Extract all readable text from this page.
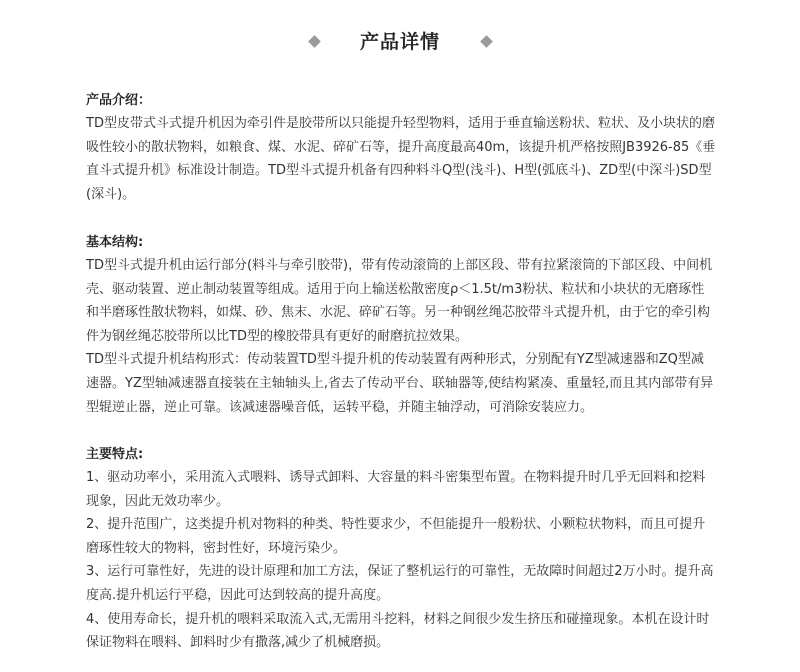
产品详情

产品介绍：

TD型皮带式斗式提升机因为牵引件是胶带所以只能提升轻型物料，适用于垂直输送粉状、粒状、及小块状的磨吸性较小的散状物料，如粮食、煤、水泥、碎矿石等，提升高度最高40m，该提升机严格按照JB3926-85《垂直斗式提升机》标准设计制造。TD型斗式提升机备有四种料斗Q型(浅斗)、H型(弧底斗)、ZD型(中深斗)SD型(深斗)。

基本结构:

TD型斗式提升机由运行部分(料斗与牵引胶带)，带有传动滚筒的上部区段、带有拉紧滚筒的下部区段、中间机壳、驱动装置、逆止制动装置等组成。适用于向上输送松散密度ρ＜1.5t/m3粉状、粒状和小块状的无磨琢性和半磨琢性散状物料，如煤、砂、焦末、水泥、碎矿石等。另一种钢丝绳芯胶带斗式提升机，由于它的牵引构件为钢丝绳芯胶带所以比TD型的橡胶带具有更好的耐磨抗拉效果。

TD型斗式提升机结构形式：传动装置TD型斗提升机的传动装置有两种形式，分别配有YZ型减速器和ZQ型减速器。YZ型轴减速器直接装在主轴轴头上,省去了传动平台、联轴器等,使结构紧凑、重量轻,而且其内部带有异型辊逆止器，逆止可靠。该减速器噪音低，运转平稳，并随主轴浮动，可消除安装应力。

主要特点:

1、驱动功率小，采用流入式喂料、诱导式卸料、大容量的料斗密集型布置。在物料提升时几乎无回料和挖料现象，因此无效功率少。

2、提升范围广，这类提升机对物料的种类、特性要求少，不但能提升一般粉状、小颗粒状物料，而且可提升磨琢性较大的物料，密封性好，环境污染少。

3、运行可靠性好，先进的设计原理和加工方法，保证了整机运行的可靠性，无故障时间超过2万小时。提升高度高.提升机运行平稳，因此可达到较高的提升高度。

4、使用寿命长，提升机的喂料采取流入式,无需用斗挖料，材料之间很少发生挤压和碰撞现象。本机在设计时保证物料在喂料、卸料时少有撒落,减少了机械磨损。
